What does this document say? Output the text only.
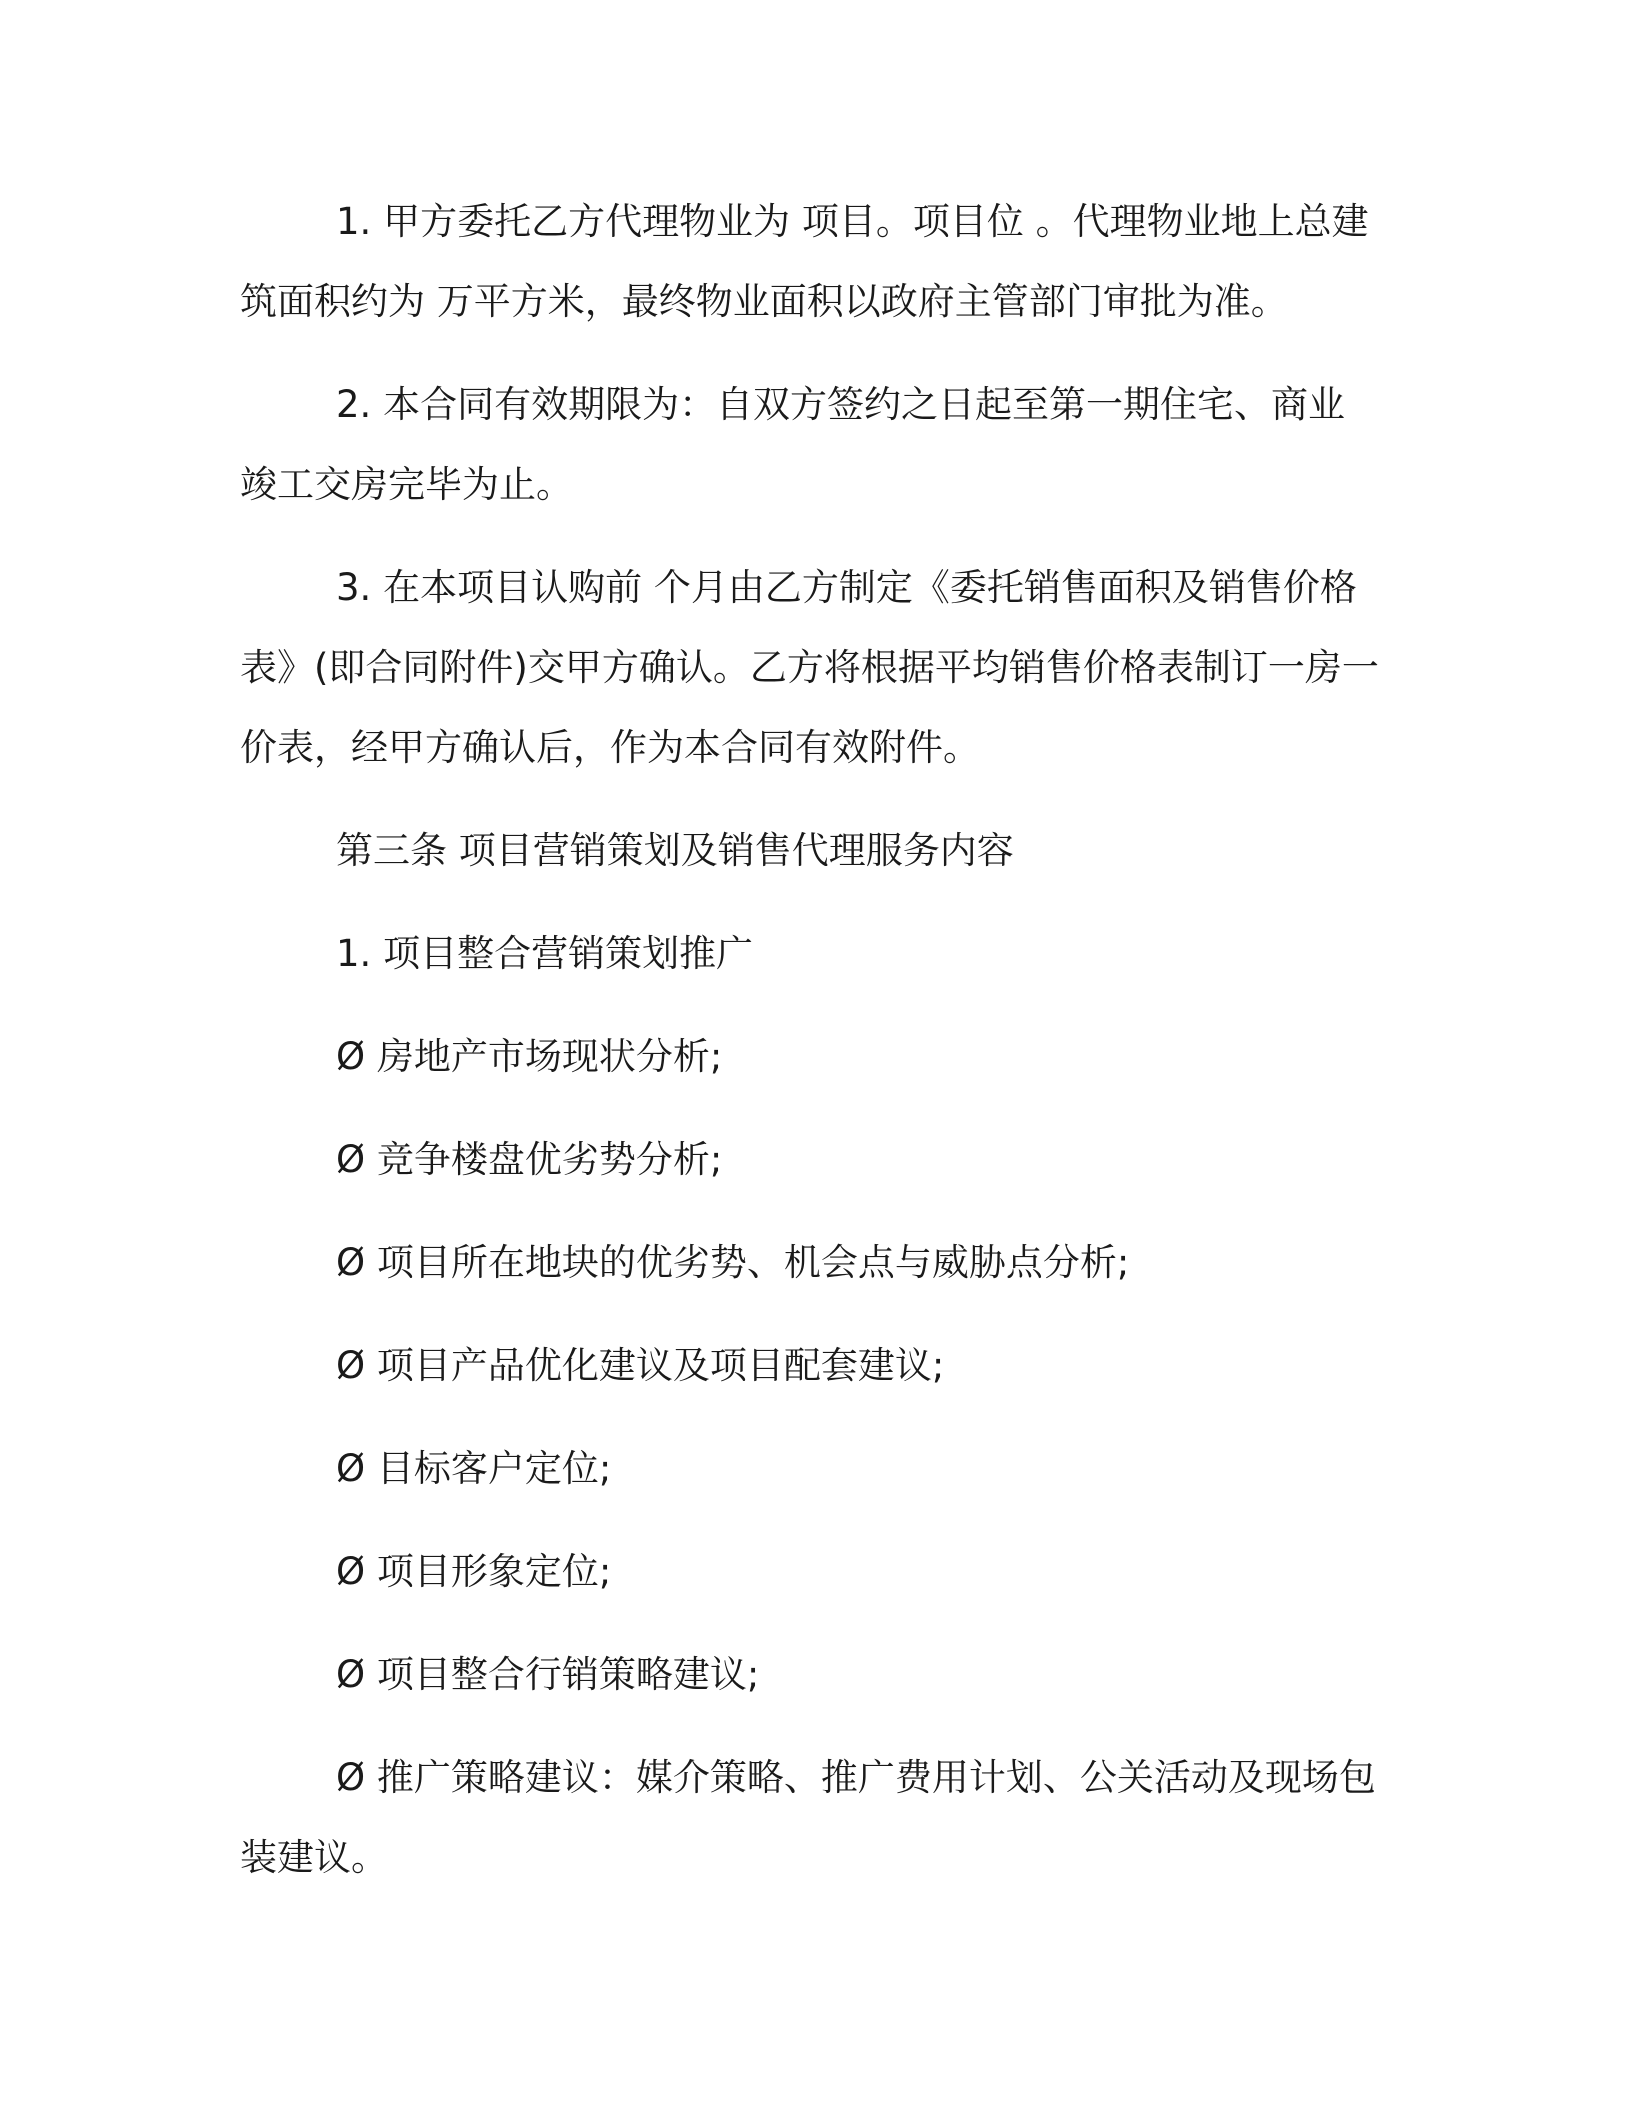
1. 甲方委托乙方代理物业为 项目。项目位 。代理物业地上总建筑面积约为 万平方米，最终物业面积以政府主管部门审批为准。

2. 本合同有效期限为：自双方签约之日起至第一期住宅、商业竣工交房完毕为止。

3. 在本项目认购前 个月由乙方制定《委托销售面积及销售价格表》(即合同附件)交甲方确认。乙方将根据平均销售价格表制订一房一价表，经甲方确认后，作为本合同有效附件。

第三条 项目营销策划及销售代理服务内容

1. 项目整合营销策划推广

Ø 房地产市场现状分析;

Ø 竞争楼盘优劣势分析;

Ø 项目所在地块的优劣势、机会点与威胁点分析;

Ø 项目产品优化建议及项目配套建议;

Ø 目标客户定位;

Ø 项目形象定位;

Ø 项目整合行销策略建议;

Ø 推广策略建议：媒介策略、推广费用计划、公关活动及现场包装建议。
